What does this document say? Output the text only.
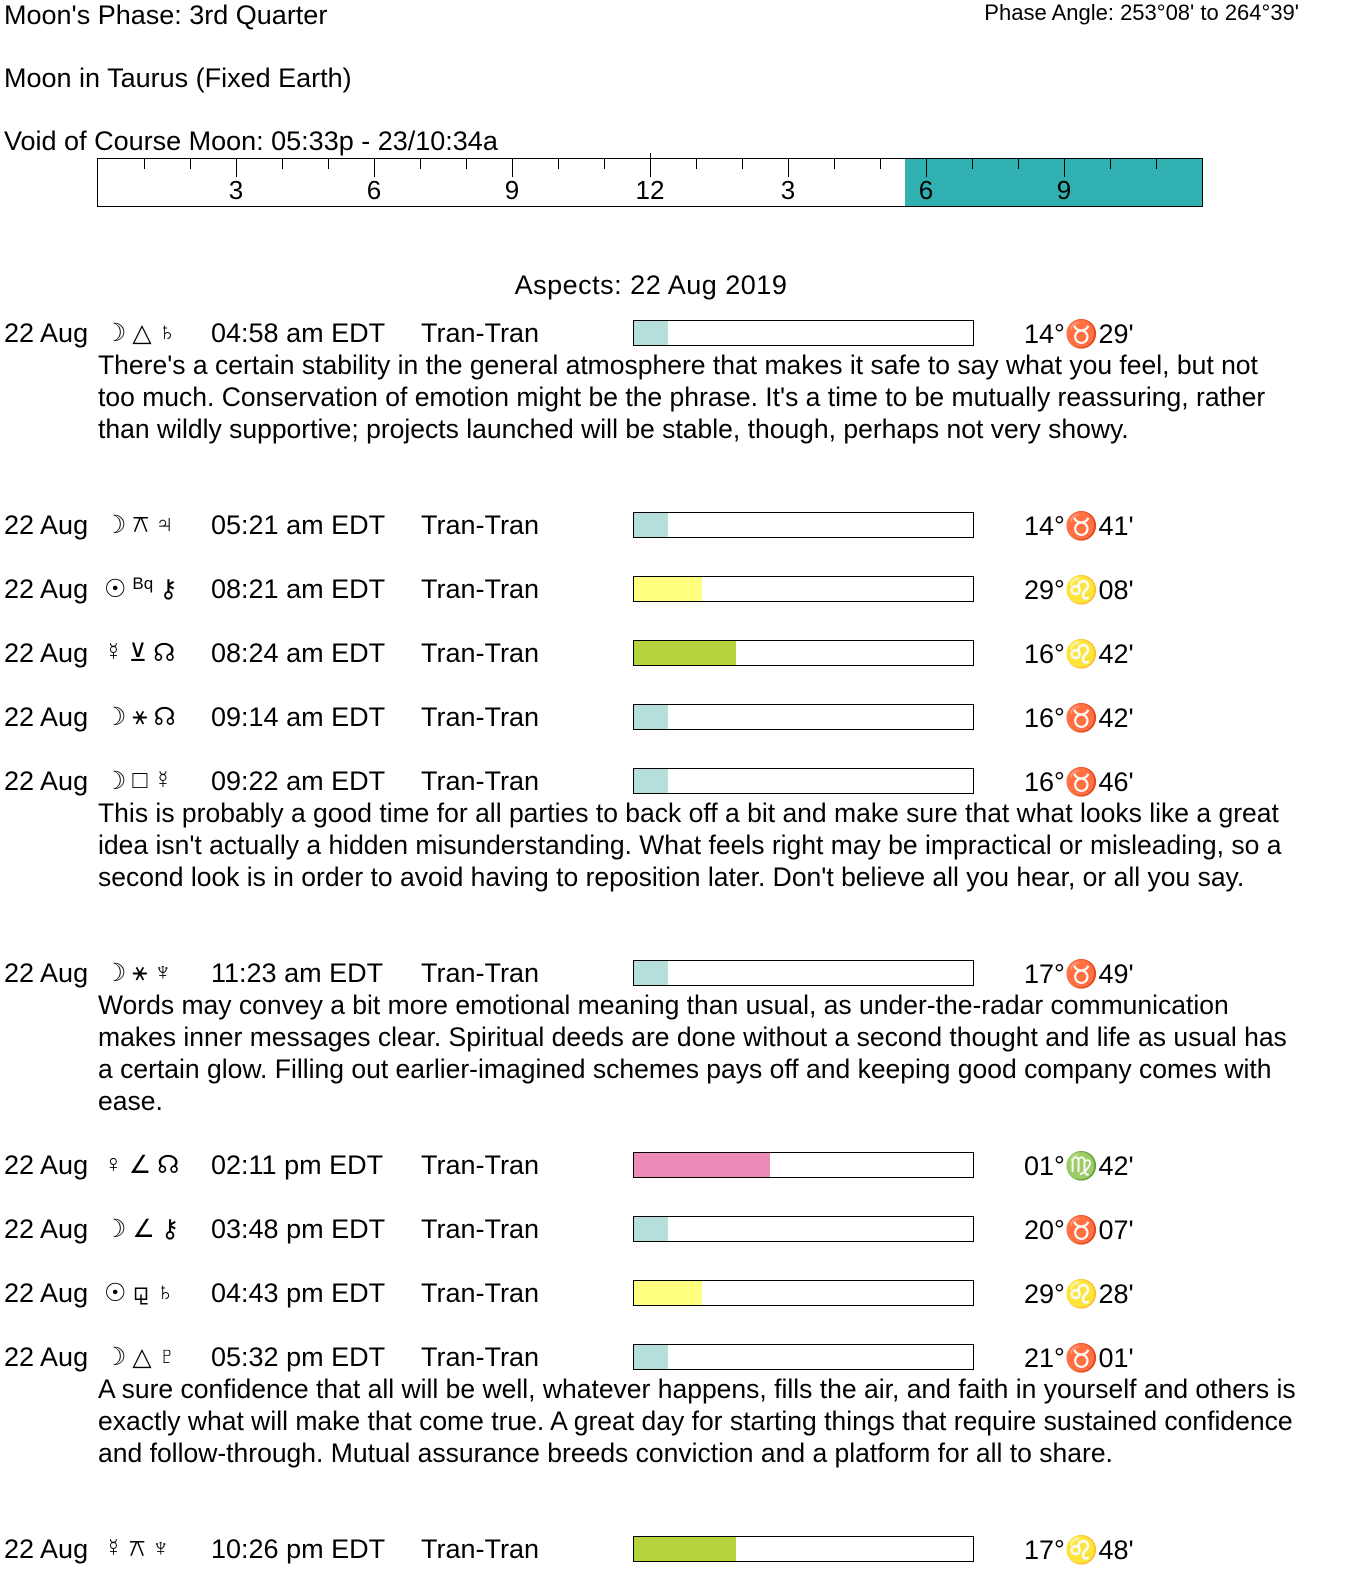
Moon's Phase: 3rd Quarter	Phase Angle: 253°08' to 264°39'
Moon in Taurus (Fixed Earth)
Void of Course Moon: 05:33p - 23/10:34a
3	6	9	12	3	6	9
Aspects: 22 Aug 2019
22 Aug ☽ △ ♄ 04:58 am EDT Tran-Tran	14°♉29'
There's a certain stability in the general atmosphere that makes it safe to say what you feel, but not too much. Conservation of emotion might be the phrase. It's a time to be mutually reassuring, rather than wildly supportive; projects launched will be stable, though, perhaps not very showy.
22 Aug ☽ ⚻ ♃ 05:21 am EDT Tran-Tran	14°♉41'
22 Aug ☉ Bq ⚷ 08:21 am EDT Tran-Tran	29°♌08'
22 Aug ☿ ⊻ ☊ 08:24 am EDT Tran-Tran	16°♌42'
22 Aug ☽ ⚹ ☊ 09:14 am EDT Tran-Tran	16°♉42'
22 Aug ☽ □ ☿ 09:22 am EDT Tran-Tran	16°♉46'
This is probably a good time for all parties to back off a bit and make sure that what looks like a great idea isn't actually a hidden misunderstanding. What feels right may be impractical or misleading, so a second look is in order to avoid having to reposition later. Don't believe all you hear, or all you say.
22 Aug ☽ ⚹ ♆ 11:23 am EDT Tran-Tran	17°♉49'
Words may convey a bit more emotional meaning than usual, as under-the-radar communication makes inner messages clear. Spiritual deeds are done without a second thought and life as usual has a certain glow. Filling out earlier-imagined schemes pays off and keeping good company comes with ease.
22 Aug ♀ ∠ ☊ 02:11 pm EDT Tran-Tran	01°♍42'
22 Aug ☽ ∠ ⚷ 03:48 pm EDT Tran-Tran	20°♉07'
22 Aug ☉ ⚼ ♄ 04:43 pm EDT Tran-Tran	29°♌28'
22 Aug ☽ △ ♇ 05:32 pm EDT Tran-Tran	21°♉01'
A sure confidence that all will be well, whatever happens, fills the air, and faith in yourself and others is exactly what will make that come true. A great day for starting things that require sustained confidence and follow-through. Mutual assurance breeds conviction and a platform for all to share.
22 Aug ☿ ⚻ ♆ 10:26 pm EDT Tran-Tran	17°♌48'
